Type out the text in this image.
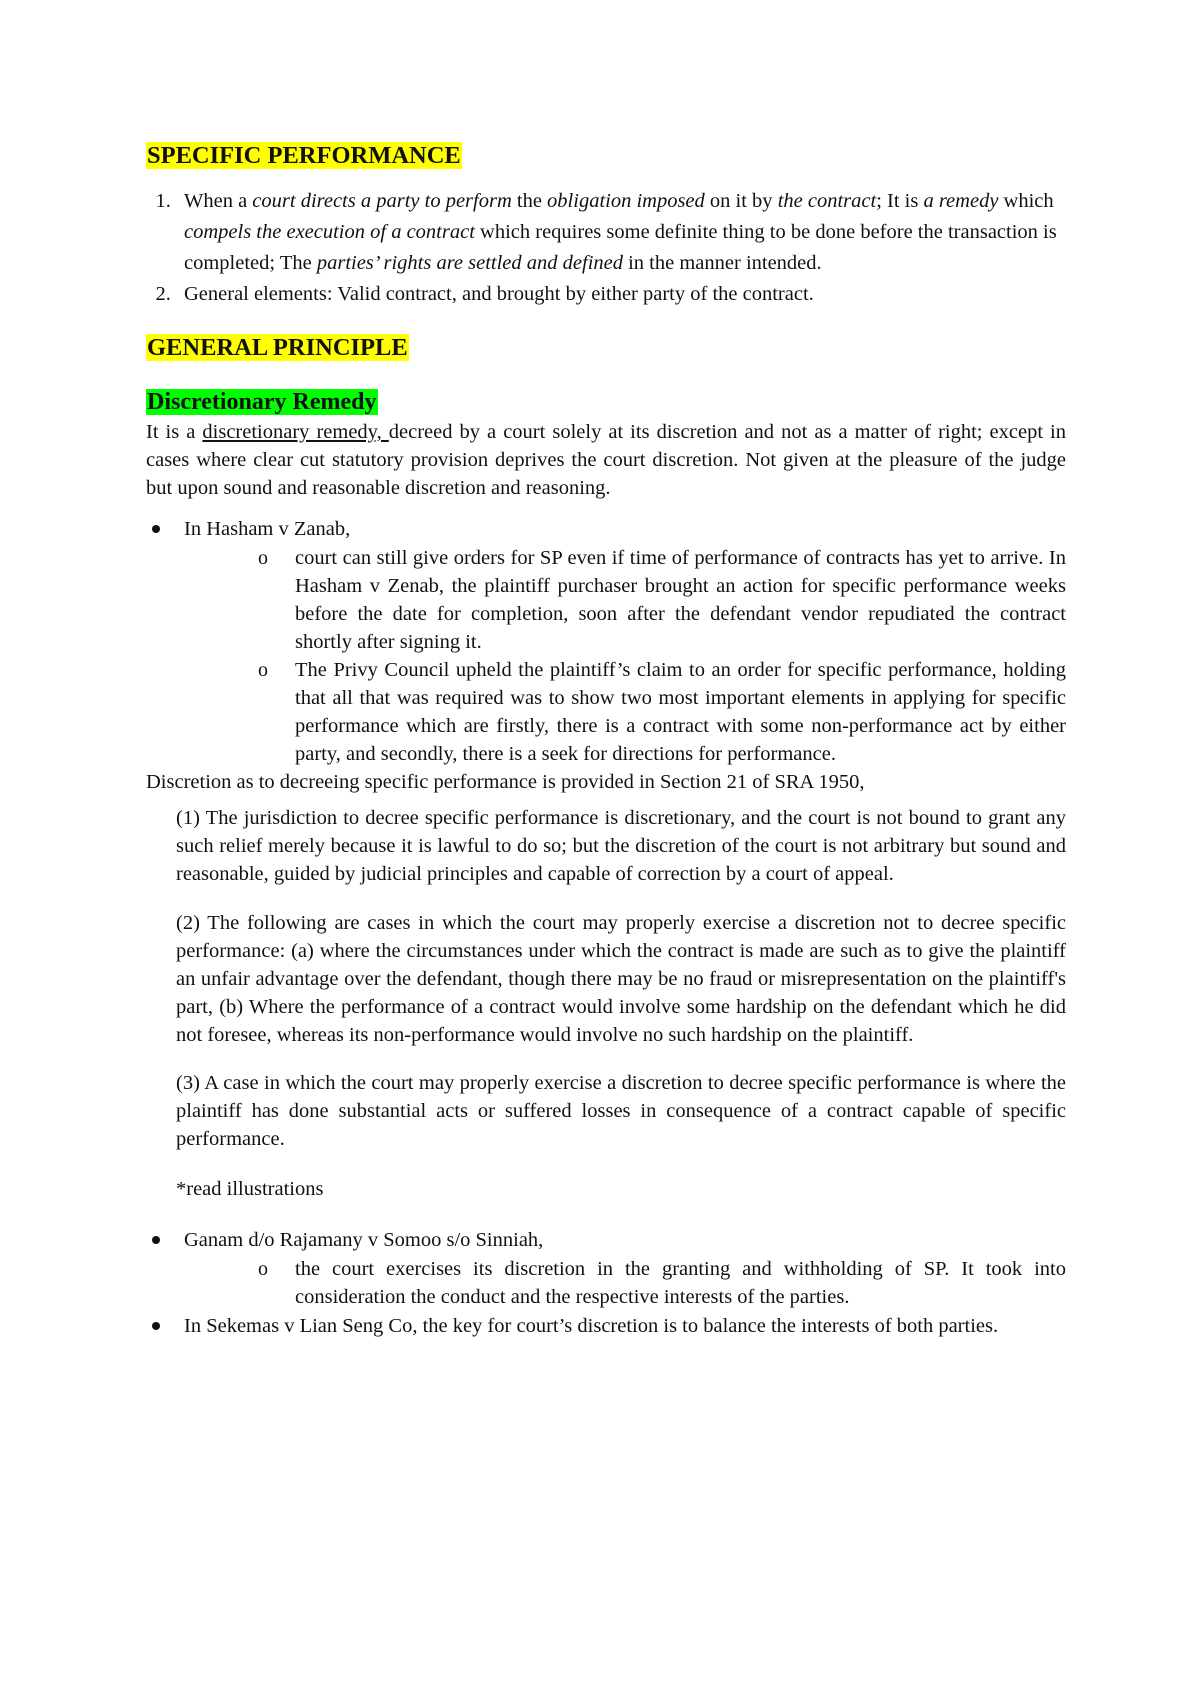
SPECIFIC PERFORMANCE
1. When a court directs a party to perform the obligation imposed on it by the contract; It is a remedy which compels the execution of a contract which requires some definite thing to be done before the transaction is completed; The parties’ rights are settled and defined in the manner intended.
2. General elements: Valid contract, and brought by either party of the contract.
GENERAL PRINCIPLE
Discretionary Remedy

It is a discretionary remedy, decreed by a court solely at its discretion and not as a matter of right; except in cases where clear cut statutory provision deprives the court discretion. Not given at the pleasure of the judge but upon sound and reasonable discretion and reasoning.

In Hasham v Zanab,
o court can still give orders for SP even if time of performance of contracts has yet to arrive. In Hasham v Zenab, the plaintiff purchaser brought an action for specific performance weeks before the date for completion, soon after the defendant vendor repudiated the contract shortly after signing it.
o The Privy Council upheld the plaintiff’s claim to an order for specific performance, holding that all that was required was to show two most important elements in applying for specific performance which are firstly, there is a contract with some non-performance act by either party, and secondly, there is a seek for directions for performance.

Discretion as to decreeing specific performance is provided in Section 21 of SRA 1950,

(1) The jurisdiction to decree specific performance is discretionary, and the court is not bound to grant any such relief merely because it is lawful to do so; but the discretion of the court is not arbitrary but sound and reasonable, guided by judicial principles and capable of correction by a court of appeal.

(2) The following are cases in which the court may properly exercise a discretion not to decree specific performance: (a) where the circumstances under which the contract is made are such as to give the plaintiff an unfair advantage over the defendant, though there may be no fraud or misrepresentation on the plaintiff's part, (b) Where the performance of a contract would involve some hardship on the defendant which he did not foresee, whereas its non-performance would involve no such hardship on the plaintiff.

(3) A case in which the court may properly exercise a discretion to decree specific performance is where the plaintiff has done substantial acts or suffered losses in consequence of a contract capable of specific performance.

*read illustrations

Ganam d/o Rajamany v Somoo s/o Sinniah,
o the court exercises its discretion in the granting and withholding of SP. It took into consideration the conduct and the respective interests of the parties.
In Sekemas v Lian Seng Co, the key for court’s discretion is to balance the interests of both parties.
